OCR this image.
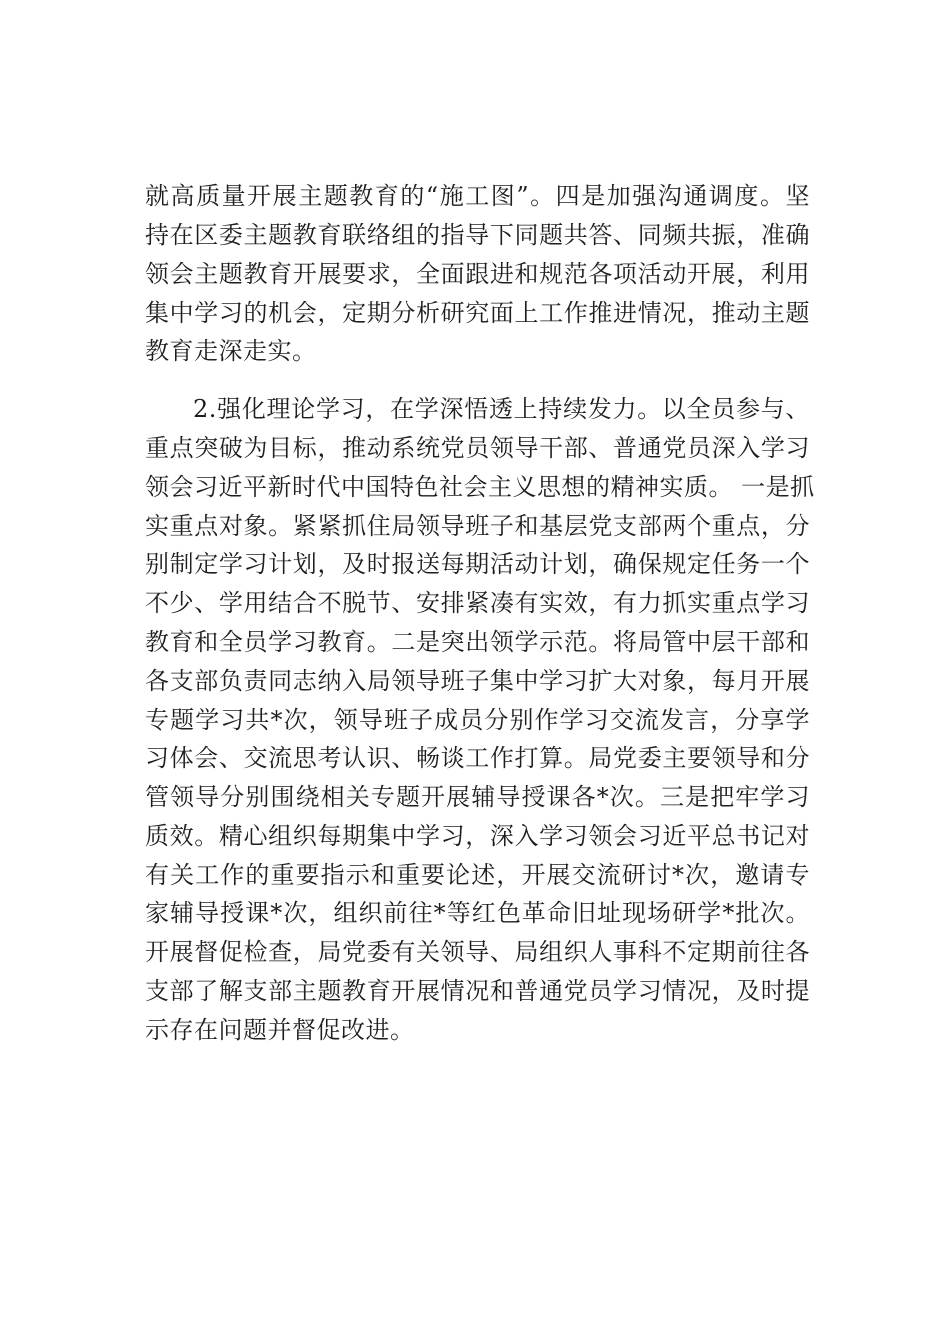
就高质量开展主题教育的“施工图”。四是加强沟通调度。坚
持在区委主题教育联络组的指导下同题共答、同频共振，准确
领会主题教育开展要求，全面跟进和规范各项活动开展，利用
集中学习的机会，定期分析研究面上工作推进情况，推动主题
教育走深走实。
2.强化理论学习，在学深悟透上持续发力。以全员参与、
重点突破为目标，推动系统党员领导干部、普通党员深入学习
领会习近平新时代中国特色社会主义思想的精神实质。 一是抓
实重点对象。紧紧抓住局领导班子和基层党支部两个重点，分
别制定学习计划，及时报送每期活动计划，确保规定任务一个
不少、学用结合不脱节、安排紧凑有实效，有力抓实重点学习
教育和全员学习教育。二是突出领学示范。将局管中层干部和
各支部负责同志纳入局领导班子集中学习扩大对象，每月开展
专题学习共*次，领导班子成员分别作学习交流发言，分享学
习体会、交流思考认识、畅谈工作打算。局党委主要领导和分
管领导分别围绕相关专题开展辅导授课各*次。三是把牢学习
质效。精心组织每期集中学习，深入学习领会习近平总书记对
有关工作的重要指示和重要论述，开展交流研讨*次，邀请专
家辅导授课*次，组织前往*等红色革命旧址现场研学*批次。
开展督促检查，局党委有关领导、局组织人事科不定期前往各
支部了解支部主题教育开展情况和普通党员学习情况，及时提
示存在问题并督促改进。
